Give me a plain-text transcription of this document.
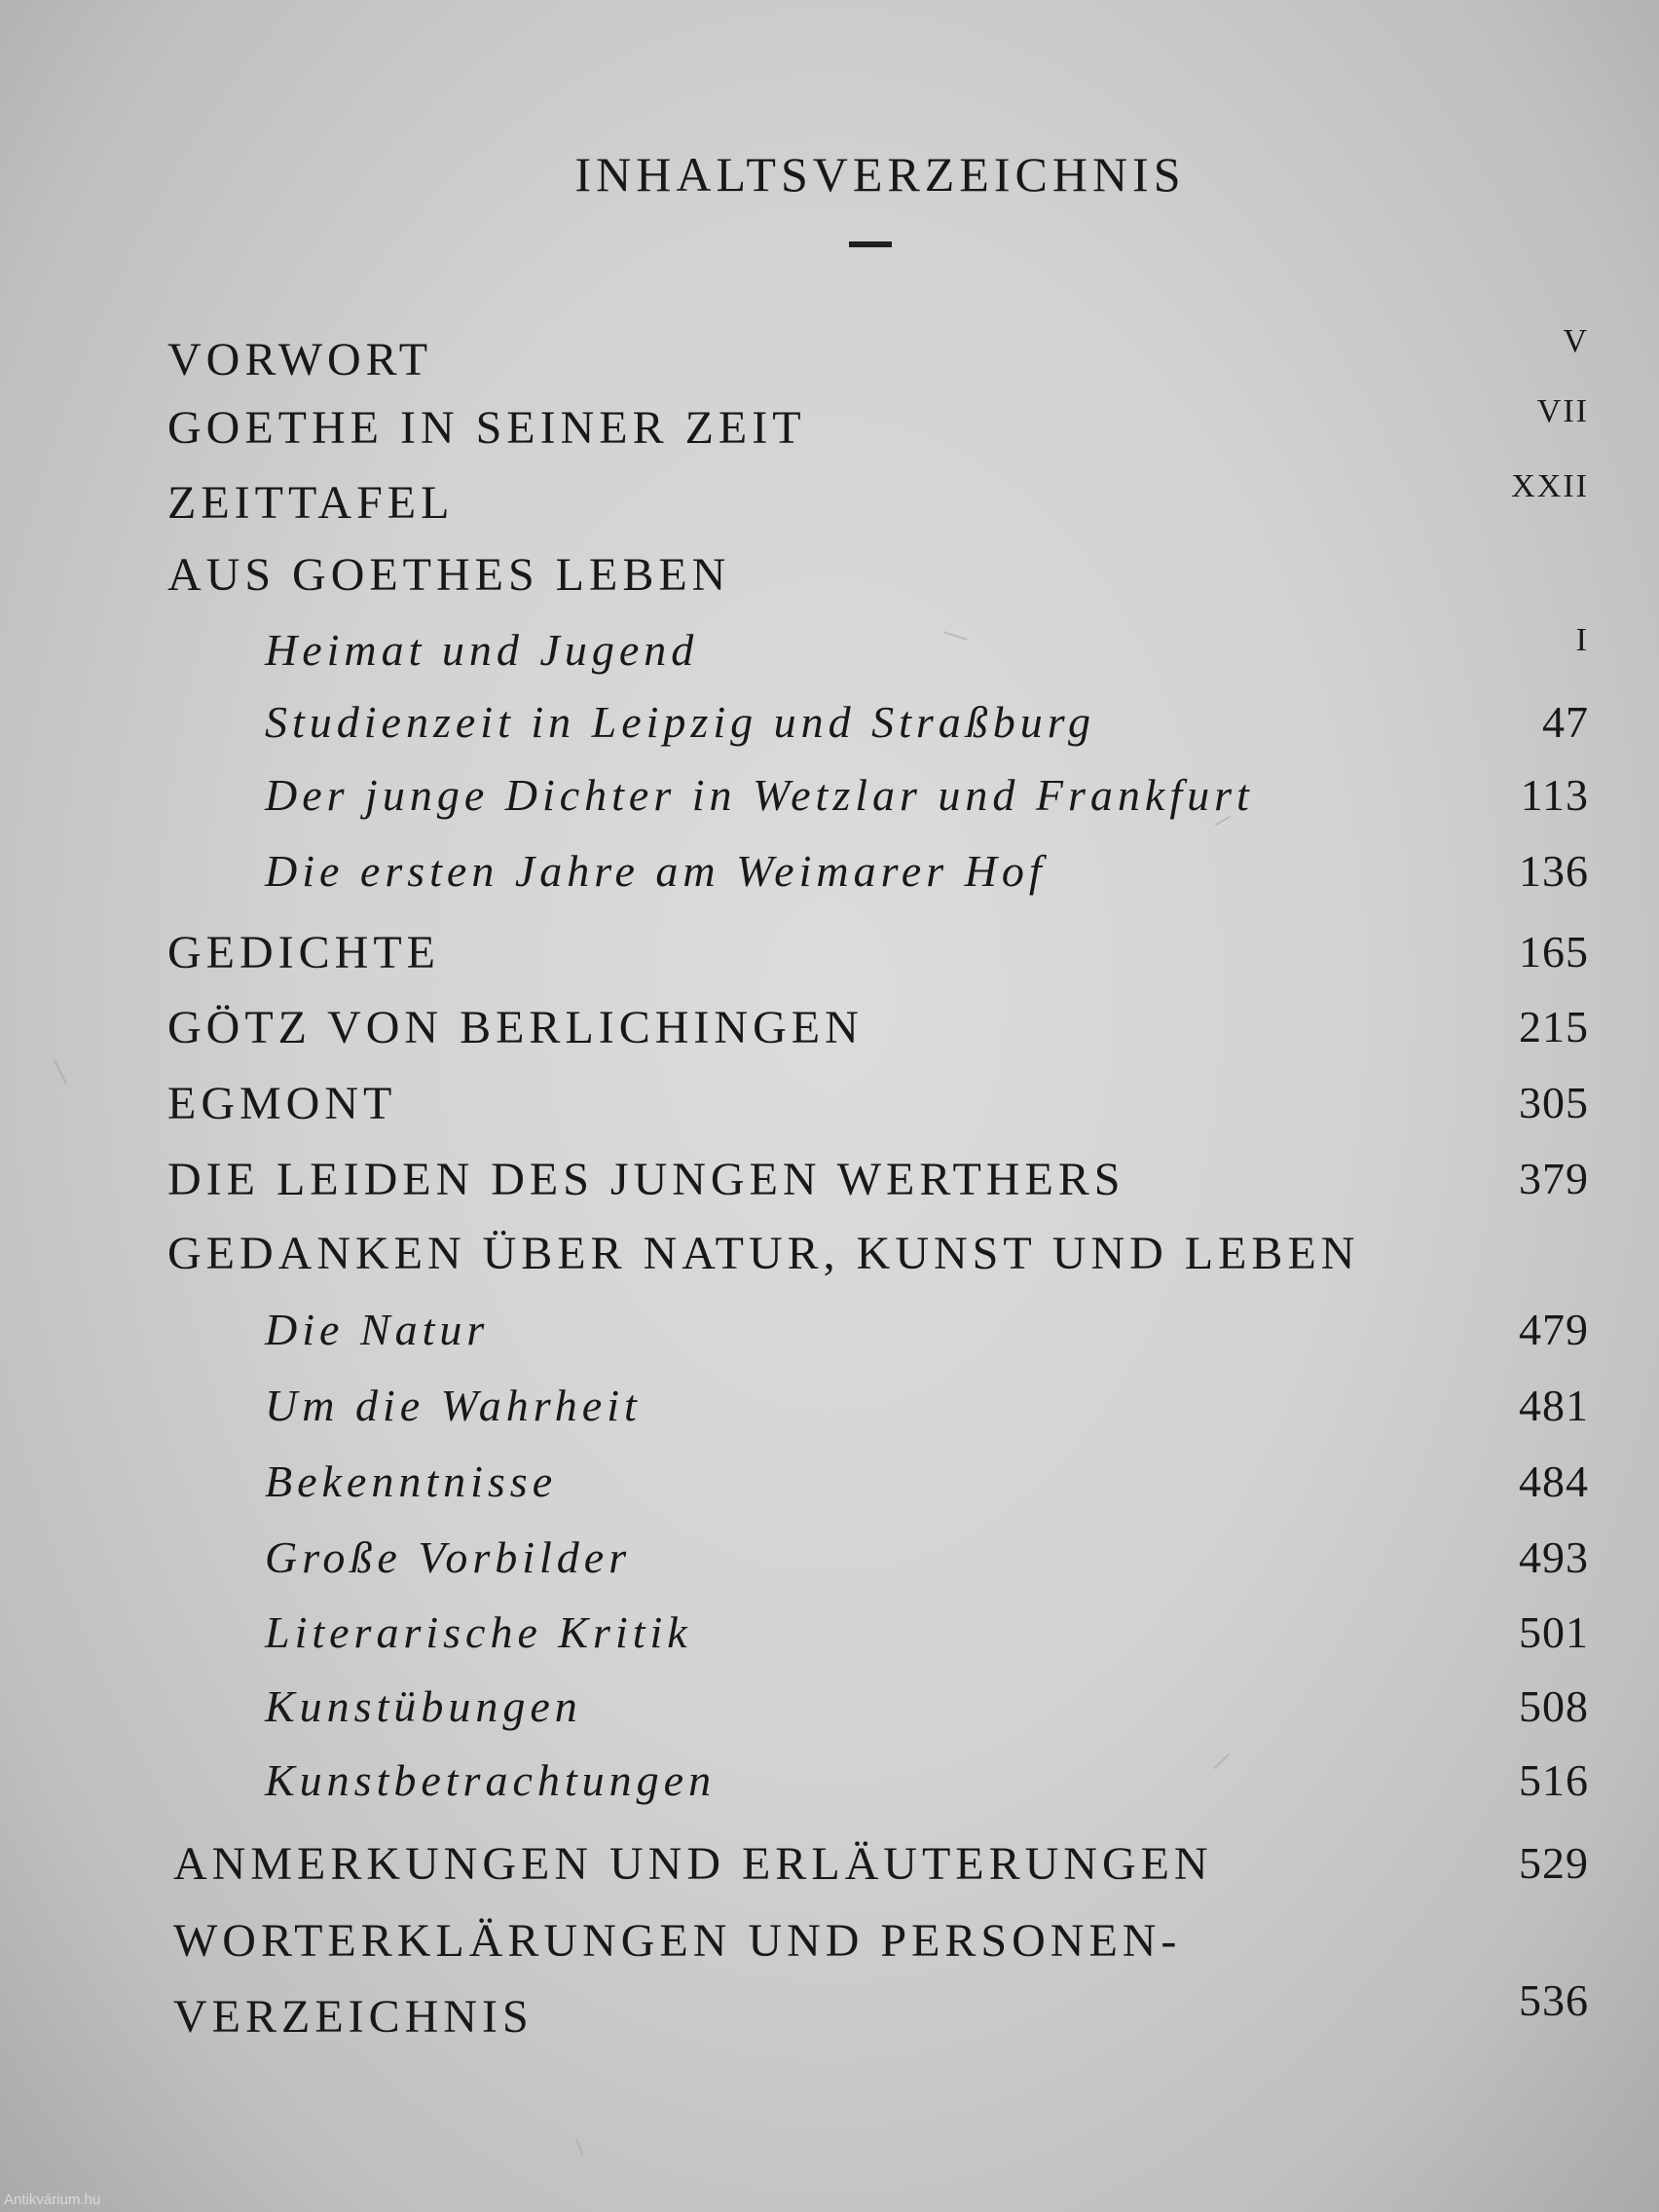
INHALTSVERZEICHNIS
VORWORT	V
GOETHE IN SEINER ZEIT	VII
ZEITTAFEL	XXII
AUS GOETHES LEBEN
Heimat und Jugend	I
Studienzeit in Leipzig und Straßburg	47
Der junge Dichter in Wetzlar und Frankfurt	113
Die ersten Jahre am Weimarer Hof	136
GEDICHTE	165
GÖTZ VON BERLICHINGEN	215
EGMONT	305
DIE LEIDEN DES JUNGEN WERTHERS	379
GEDANKEN ÜBER NATUR, KUNST UND LEBEN
Die Natur	479
Um die Wahrheit	481
Bekenntnisse	484
Große Vorbilder	493
Literarische Kritik	501
Kunstübungen	508
Kunstbetrachtungen	516
ANMERKUNGEN UND ERLÄUTERUNGEN	529
WORTERKLÄRUNGEN UND PERSONEN-
VERZEICHNIS	536
Antikvárium.hu
